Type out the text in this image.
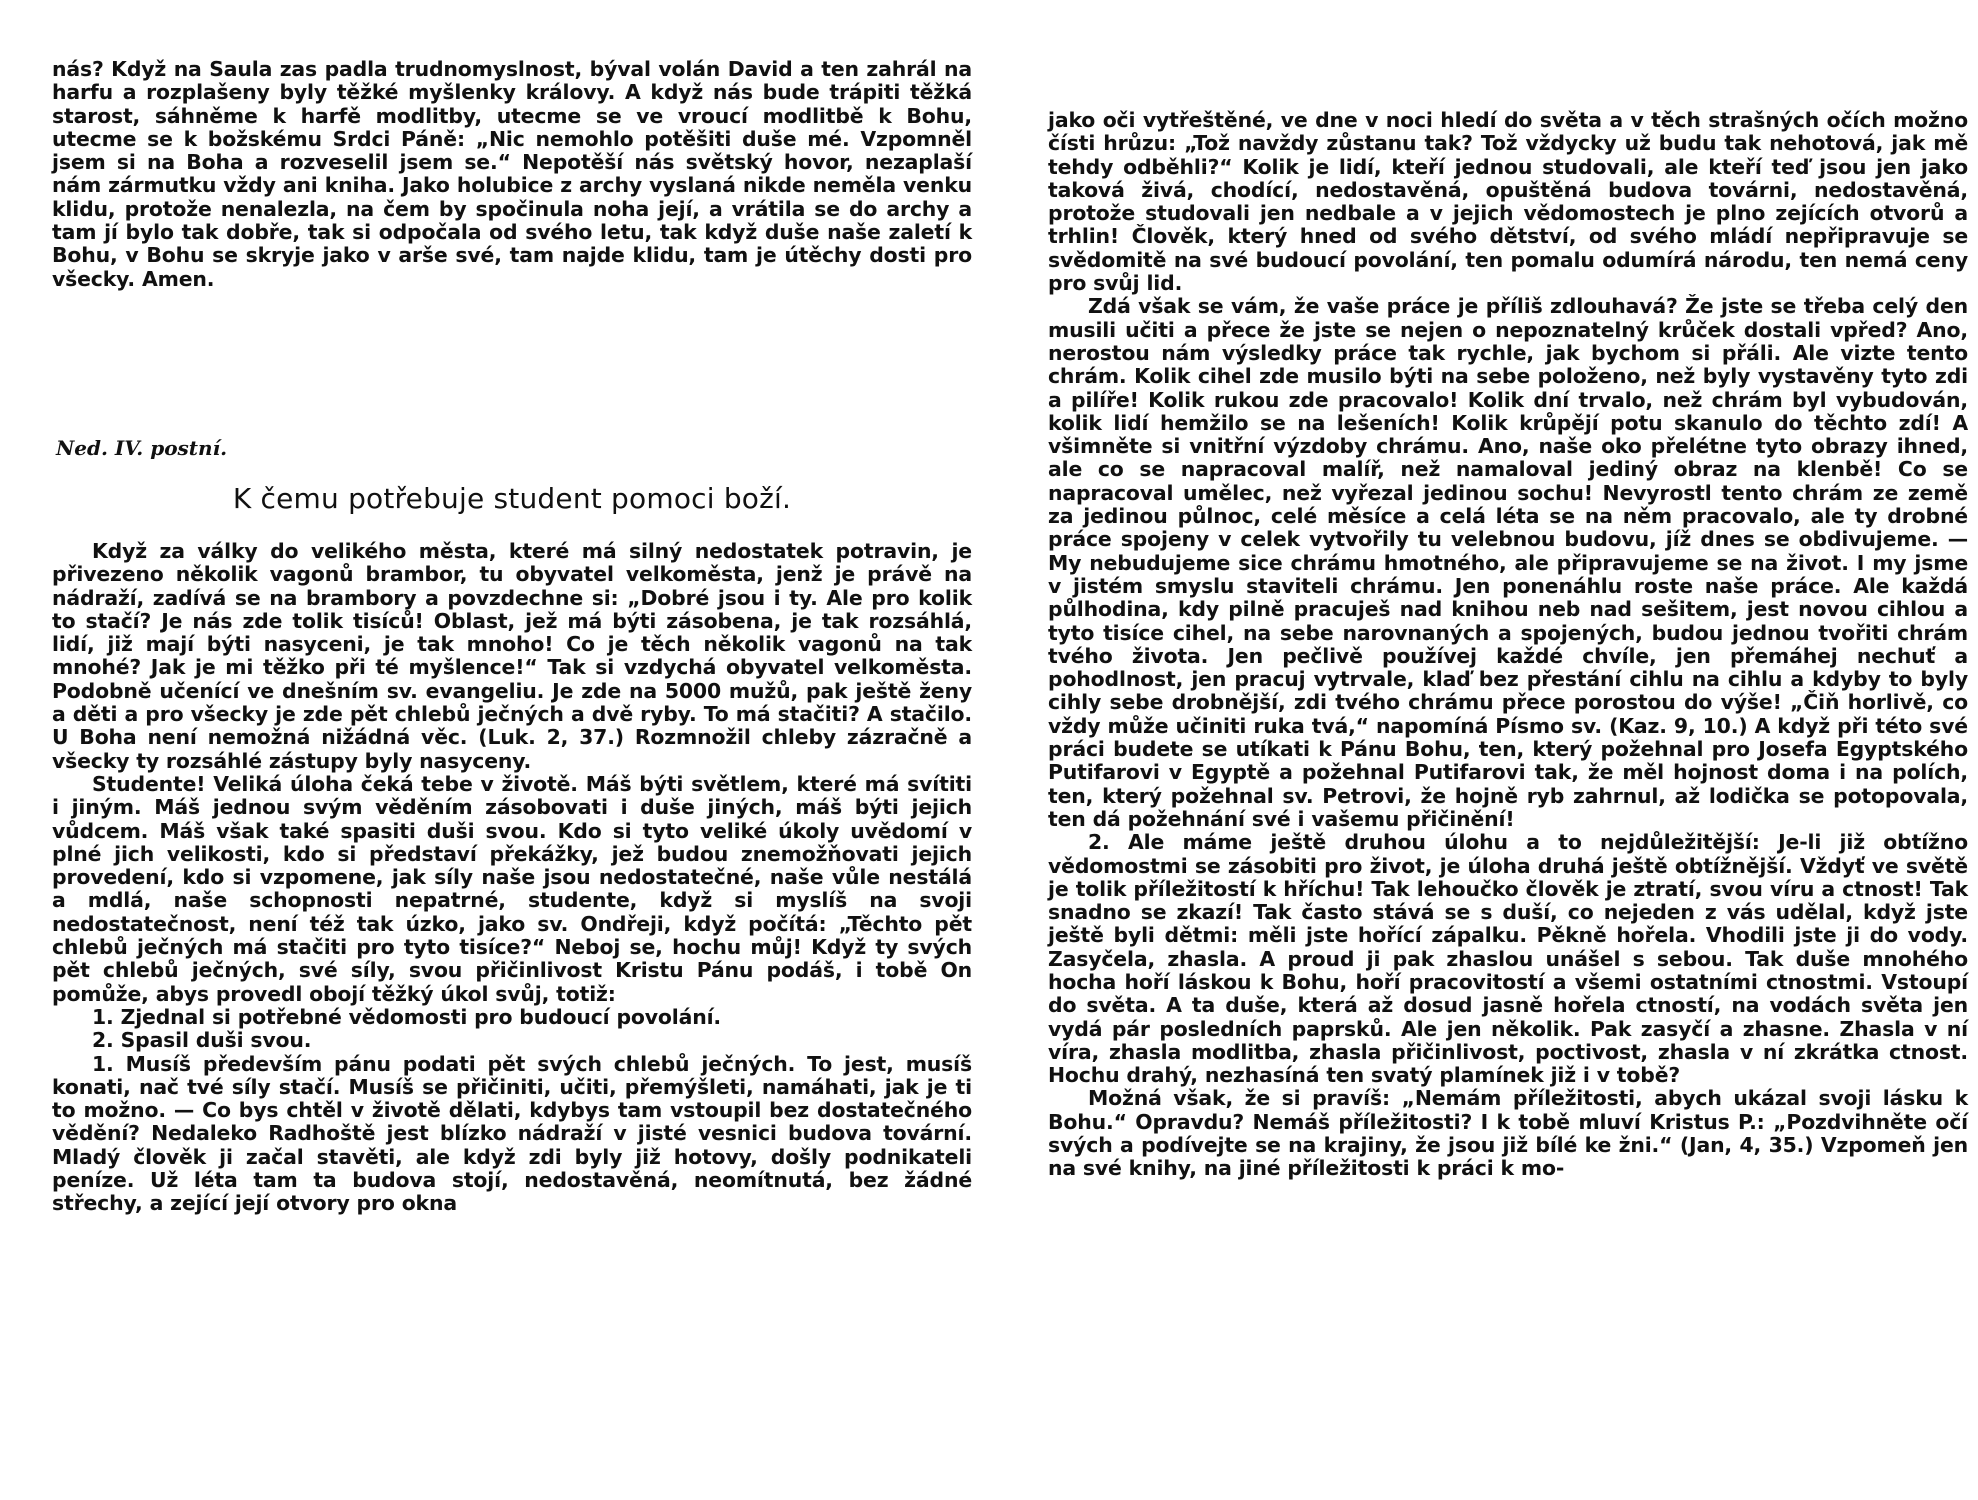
nás? Když na Saula zas padla trudnomyslnost, býval volán David a ten zahrál na harfu a rozplašeny byly těžké myšlenky královy. A když nás bude trápiti těžká starost, sáhněme k harfě modlitby, utecme se ve vroucí modlitbě k Bohu, utecme se k božskému Srdci Páně: „Nic nemohlo potěšiti duše mé. Vzpomněl jsem si na Boha a rozveselil jsem se.“ Nepotěší nás světský hovor, nezaplaší nám zármutku vždy ani kniha. Jako holubice z archy vyslaná nikde neměla venku klidu, protože nenalezla, na čem by spočinula noha její, a vrátila se do archy a tam jí bylo tak dobře, tak si odpočala od svého letu, tak když duše naše zaletí k Bohu, v Bohu se skryje jako v arše své, tam najde klidu, tam je útěchy dosti pro všecky. Amen.

Ned. IV. postní.
K čemu potřebuje student pomoci boží.

Když za války do velikého města, které má silný nedostatek potravin, je přivezeno několik vagonů brambor, tu obyvatel velkoměsta, jenž je právě na nádraží, zadívá se na brambory a povzdechne si: „Dobré jsou i ty. Ale pro kolik to stačí? Je nás zde tolik tisíců! Oblast, jež má býti zásobena, je tak rozsáhlá, lidí, již mají býti nasyceni, je tak mnoho! Co je těch několik vagonů na tak mnohé? Jak je mi těžko při té myšlence!“ Tak si vzdychá obyvatel velkoměsta. Podobně učenící ve dnešním sv. evangeliu. Je zde na 5000 mužů, pak ještě ženy a děti a pro všecky je zde pět chlebů ječných a dvě ryby. To má stačiti? A stačilo. U Boha není nemožná nižádná věc. (Luk. 2, 37.) Rozmnožil chleby zázračně a všecky ty rozsáhlé zástupy byly nasyceny.

Studente! Veliká úloha čeká tebe v životě. Máš býti světlem, které má svítiti i jiným. Máš jednou svým věděním zásobovati i duše jiných, máš býti jejich vůdcem. Máš však také spasiti duši svou. Kdo si tyto veliké úkoly uvědomí v plné jich velikosti, kdo si představí překážky, jež budou znemožňovati jejich provedení, kdo si vzpomene, jak síly naše jsou nedostatečné, naše vůle nestálá a mdlá, naše schopnosti nepatrné, studente, když si myslíš na svoji nedostatečnost, není též tak úzko, jako sv. Ondřeji, když počítá: „Těchto pět chlebů ječných má stačiti pro tyto tisíce?“ Neboj se, hochu můj! Když ty svých pět chlebů ječných, své síly, svou přičinlivost Kristu Pánu podáš, i tobě On pomůže, abys provedl obojí těžký úkol svůj, totiž:

1. Zjednal si potřebné vědomosti pro budoucí povolání.

2. Spasil duši svou.

1. Musíš především pánu podati pět svých chlebů ječných. To jest, musíš konati, nač tvé síly stačí. Musíš se přičiniti, učiti, přemýšleti, namáhati, jak je ti to možno. — Co bys chtěl v životě dělati, kdybys tam vstoupil bez dostatečného vědění? Nedaleko Radhoště jest blízko nádraží v jisté vesnici budova tovární. Mladý člověk ji začal stavěti, ale když zdi byly již hotovy, došly podnikateli peníze. Už léta tam ta budova stojí, nedostavěná, neomítnutá, bez žádné střechy, a zející její otvory pro okna

jako oči vytřeštěné, ve dne v noci hledí do světa a v těch strašných očích možno čísti hrůzu: „Tož navždy zůstanu tak? Tož vždycky už budu tak nehotová, jak mě tehdy odběhli?“ Kolik je lidí, kteří jednou studovali, ale kteří teď jsou jen jako taková živá, chodící, nedostavěná, opuštěná budova továrni, nedostavěná, protože studovali jen nedbale a v jejich vědomostech je plno zejících otvorů a trhlin! Člověk, který hned od svého dětství, od svého mládí nepřipravuje se svědomitě na své budoucí povolání, ten pomalu odumírá národu, ten nemá ceny pro svůj lid.

Zdá však se vám, že vaše práce je příliš zdlouhavá? Že jste se třeba celý den musili učiti a přece že jste se nejen o nepoznatelný krůček dostali vpřed? Ano, nerostou nám výsledky práce tak rychle, jak bychom si přáli. Ale vizte tento chrám. Kolik cihel zde musilo býti na sebe položeno, než byly vystavěny tyto zdi a pilíře! Kolik rukou zde pracovalo! Kolik dní trvalo, než chrám byl vybudován, kolik lidí hemžilo se na lešeních! Kolik krůpějí potu skanulo do těchto zdí! A všimněte si vnitřní výzdoby chrámu. Ano, naše oko přelétne tyto obrazy ihned, ale co se napracoval malíř, než namaloval jediný obraz na klenbě! Co se napracoval umělec, než vyřezal jedinou sochu! Nevyrostl tento chrám ze země za jedinou půlnoc, celé měsíce a celá léta se na něm pracovalo, ale ty drobné práce spojeny v celek vytvořily tu velebnou budovu, jíž dnes se obdivujeme. — My nebudujeme sice chrámu hmotného, ale připravujeme se na život. I my jsme v jistém smyslu staviteli chrámu. Jen ponenáhlu roste naše práce. Ale každá půlhodina, kdy pilně pracuješ nad knihou neb nad sešitem, jest novou cihlou a tyto tisíce cihel, na sebe narovnaných a spojených, budou jednou tvořiti chrám tvého života. Jen pečlivě používej každé chvíle, jen přemáhej nechuť a pohodlnost, jen pracuj vytrvale, klaď bez přestání cihlu na cihlu a kdyby to byly cihly sebe drobnější, zdi tvého chrámu přece porostou do výše! „Čiň horlivě, co vždy může učiniti ruka tvá,“ napomíná Písmo sv. (Kaz. 9, 10.) A když při této své práci budete se utíkati k Pánu Bohu, ten, který požehnal pro Josefa Egyptského Putifarovi v Egyptě a požehnal Putifarovi tak, že měl hojnost doma i na polích, ten, který požehnal sv. Petrovi, že hojně ryb zahrnul, až lodička se potopovala, ten dá požehnání své i vašemu přičinění!

2. Ale máme ještě druhou úlohu a to nejdůležitější: Je-li již obtížno vědomostmi se zásobiti pro život, je úloha druhá ještě obtížnější. Vždyť ve světě je tolik příležitostí k hříchu! Tak lehoučko člověk je ztratí, svou víru a ctnost! Tak snadno se zkazí! Tak často stává se s duší, co nejeden z vás udělal, když jste ještě byli dětmi: měli jste hořící zápalku. Pěkně hořela. Vhodili jste ji do vody. Zasyčela, zhasla. A proud ji pak zhaslou unášel s sebou. Tak duše mnohého hocha hoří láskou k Bohu, hoří pracovitostí a všemi ostatními ctnostmi. Vstoupí do světa. A ta duše, která až dosud jasně hořela ctností, na vodách světa jen vydá pár posledních paprsků. Ale jen několik. Pak zasyčí a zhasne. Zhasla v ní víra, zhasla modlitba, zhasla přičinlivost, poctivost, zhasla v ní zkrátka ctnost. Hochu drahý, nezhasíná ten svatý plamínek již i v tobě?

Možná však, že si pravíš: „Nemám příležitosti, abych ukázal svoji lásku k Bohu.“ Opravdu? Nemáš příležitosti? I k tobě mluví Kristus P.: „Pozdvihněte očí svých a podívejte se na krajiny, že jsou již bílé ke žni.“ (Jan, 4, 35.) Vzpomeň jen na své knihy, na jiné příležitosti k práci k mo-
